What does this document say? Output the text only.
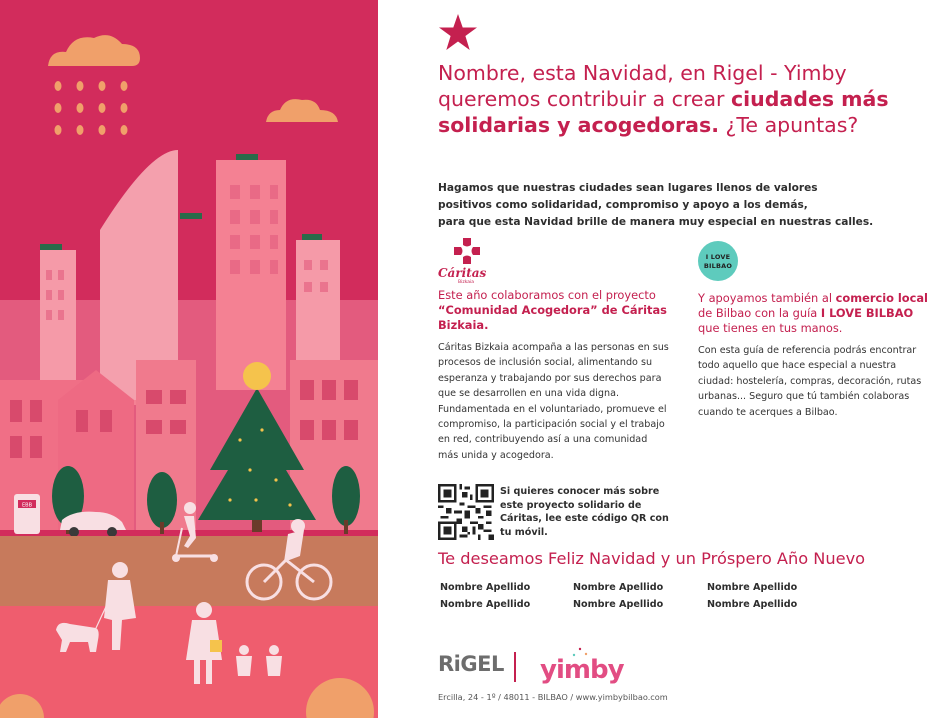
EBB
Nombre, esta Navidad, en Rigel - Yimby queremos contribuir a crear ciudades más solidarias y acogedoras. ¿Te apuntas?
Hagamos que nuestras ciudades sean lugares llenos de valores
positivos como solidaridad, compromiso y apoyo a los demás,
para que esta Navidad brille de manera muy especial en nuestras calles.
Cáritas
Bizkaia
Este año colaboramos con el proyecto “Comunidad Acogedora” de Cáritas Bizkaia.
Cáritas Bizkaia acompaña a las personas en sus procesos de inclusión social, alimentando su esperanza y trabajando por sus derechos para que se desarrollen en una vida digna. Fundamentada en el voluntariado, promueve el compromiso, la participación social y el trabajo en red, contribuyendo así a una comunidad más unida y acogedora.
I LOVE
BILBAO
Y apoyamos también al comercio local de Bilbao con la guía I LOVE BILBAO que tienes en tus manos.
Con esta guía de referencia podrás encontrar todo aquello que hace especial a nuestra ciudad: hostelería, compras, decoración, rutas urbanas... Seguro que tú también colaboras cuando te acerques a Bilbao.
Si quieres conocer más sobre este proyecto solidario de Cáritas, lee este código QR con tu móvil.
Te deseamos Feliz Navidad y un Próspero Año Nuevo
Nombre Apellido	Nombre Apellido	Nombre Apellido
Nombre Apellido	Nombre Apellido	Nombre Apellido
RiGEL yimby
Ercilla, 24 - 1º / 48011 - BILBAO / www.yimbybilbao.com
